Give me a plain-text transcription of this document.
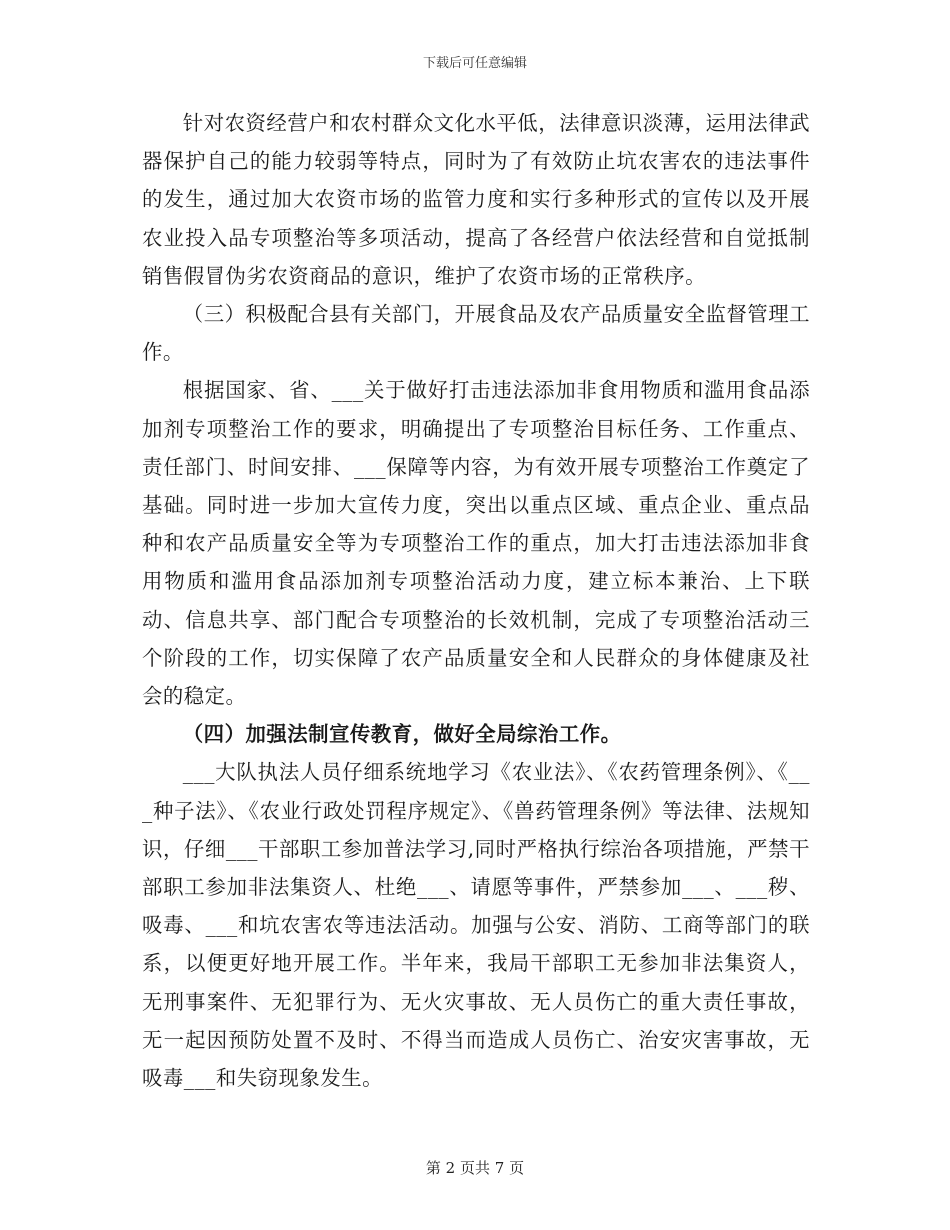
下载后可任意编辑

针对农资经营户和农村群众文化水平低，法律意识淡薄，运用法律武器保护自己的能力较弱等特点，同时为了有效防止坑农害农的违法事件的发生，通过加大农资市场的监管力度和实行多种形式的宣传以及开展农业投入品专项整治等多项活动，提高了各经营户依法经营和自觉抵制销售假冒伪劣农资商品的意识，维护了农资市场的正常秩序。

（三）积极配合县有关部门，开展食品及农产品质量安全监督管理工作。

根据国家、省、___关于做好打击违法添加非食用物质和滥用食品添加剂专项整治工作的要求，明确提出了专项整治目标任务、工作重点、责任部门、时间安排、___保障等内容，为有效开展专项整治工作奠定了基础。同时进一步加大宣传力度，突出以重点区域、重点企业、重点品种和农产品质量安全等为专项整治工作的重点，加大打击违法添加非食用物质和滥用食品添加剂专项整治活动力度，建立标本兼治、上下联动、信息共享、部门配合专项整治的长效机制，完成了专项整治活动三个阶段的工作，切实保障了农产品质量安全和人民群众的身体健康及社会的稳定。

（四）加强法制宣传教育，做好全局综治工作。

___大队执法人员仔细系统地学习《农业法》、《农药管理条例》、《___种子法》、《农业行政处罚程序规定》、《兽药管理条例》等法律、法规知识，仔细___干部职工参加普法学习,同时严格执行综治各项措施，严禁干部职工参加非法集资人、杜绝___、请愿等事件，严禁参加___、___秽、吸毒、___和坑农害农等违法活动。加强与公安、消防、工商等部门的联系，以便更好地开展工作。半年来，我局干部职工无参加非法集资人，无刑事案件、无犯罪行为、无火灾事故、无人员伤亡的重大责任事故，无一起因预防处置不及时、不得当而造成人员伤亡、治安灾害事故，无吸毒___和失窃现象发生。

第 2 页共 7 页
